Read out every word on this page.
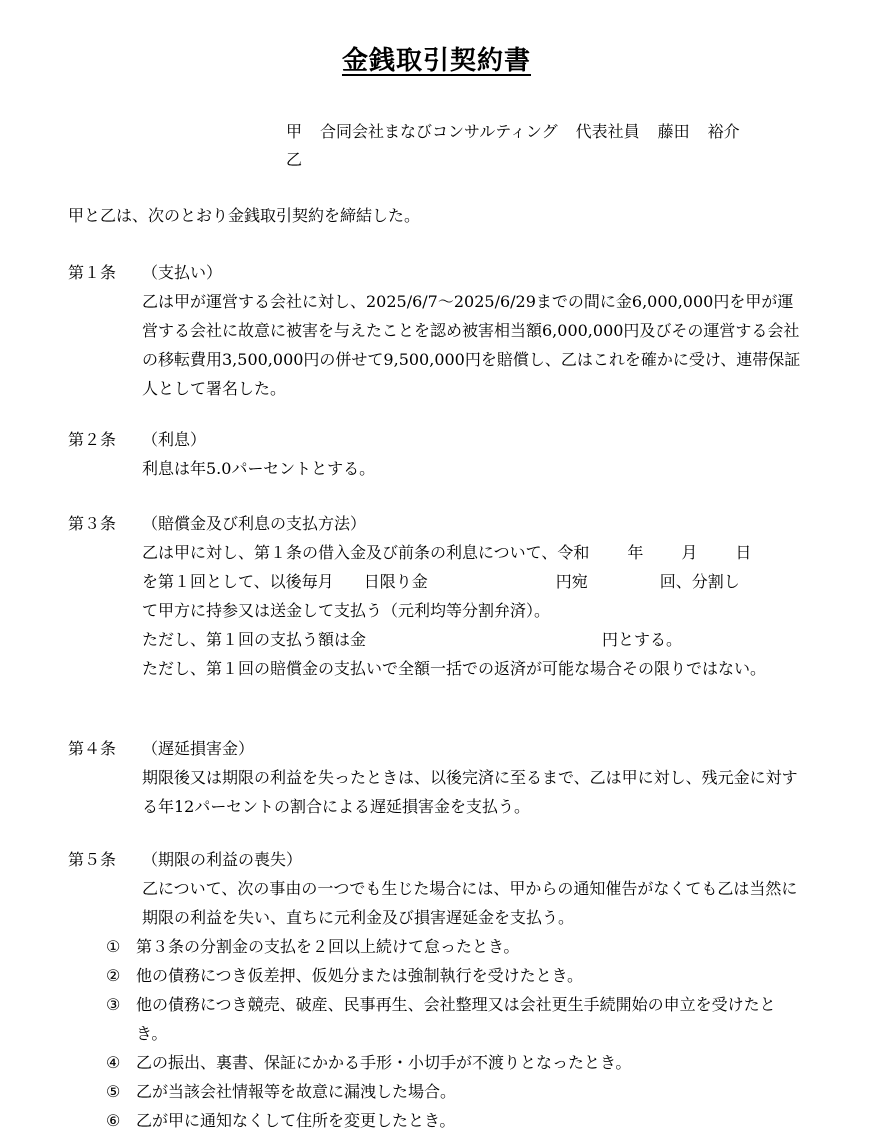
金銭取引契約書
甲 合同会社まなびコンサルティング 代表社員 藤田 裕介
乙
甲と乙は、次のとおり金銭取引契約を締結した。
第１条 （支払い）
乙は甲が運営する会社に対し、2025/6/7〜2025/6/29までの間に金6,000,000円を甲が運営する会社に故意に被害を与えたことを認め被害相当額6,000,000円及びその運営する会社の移転費用3,500,000円の併せて9,500,000円を賠償し、乙はこれを確かに受け、連帯保証人として署名した。
第２条 （利息）
利息は年5.0パーセントとする。
第３条 （賠償金及び利息の支払方法）

乙は甲に対し、第１条の借入金及び前条の利息について、令和 年 月 日

を第１回として、以後毎月 日限り金	円宛	回、分割し

て甲方に持参又は送金して支払う（元利均等分割弁済）。

ただし、第１回の支払う額は金	円とする。

ただし、第１回の賠償金の支払いで全額一括での返済が可能な場合その限りではない。

第４条 （遅延損害金）
期限後又は期限の利益を失ったときは、以後完済に至るまで、乙は甲に対し、残元金に対する年12パーセントの割合による遅延損害金を支払う。
第５条 （期限の利益の喪失）
乙について、次の事由の一つでも生じた場合には、甲からの通知催告がなくても乙は当然に期限の利益を失い、直ちに元利金及び損害遅延金を支払う。
① 第３条の分割金の支払を２回以上続けて怠ったとき。
② 他の債務につき仮差押、仮処分または強制執行を受けたとき。
③ 他の債務につき競売、破産、民事再生、会社整理又は会社更生手続開始の申立を受けたとき。
④ 乙の振出、裏書、保証にかかる手形・小切手が不渡りとなったとき。
⑤ 乙が当該会社情報等を故意に漏洩した場合。
⑥ 乙が甲に通知なくして住所を変更したとき。
